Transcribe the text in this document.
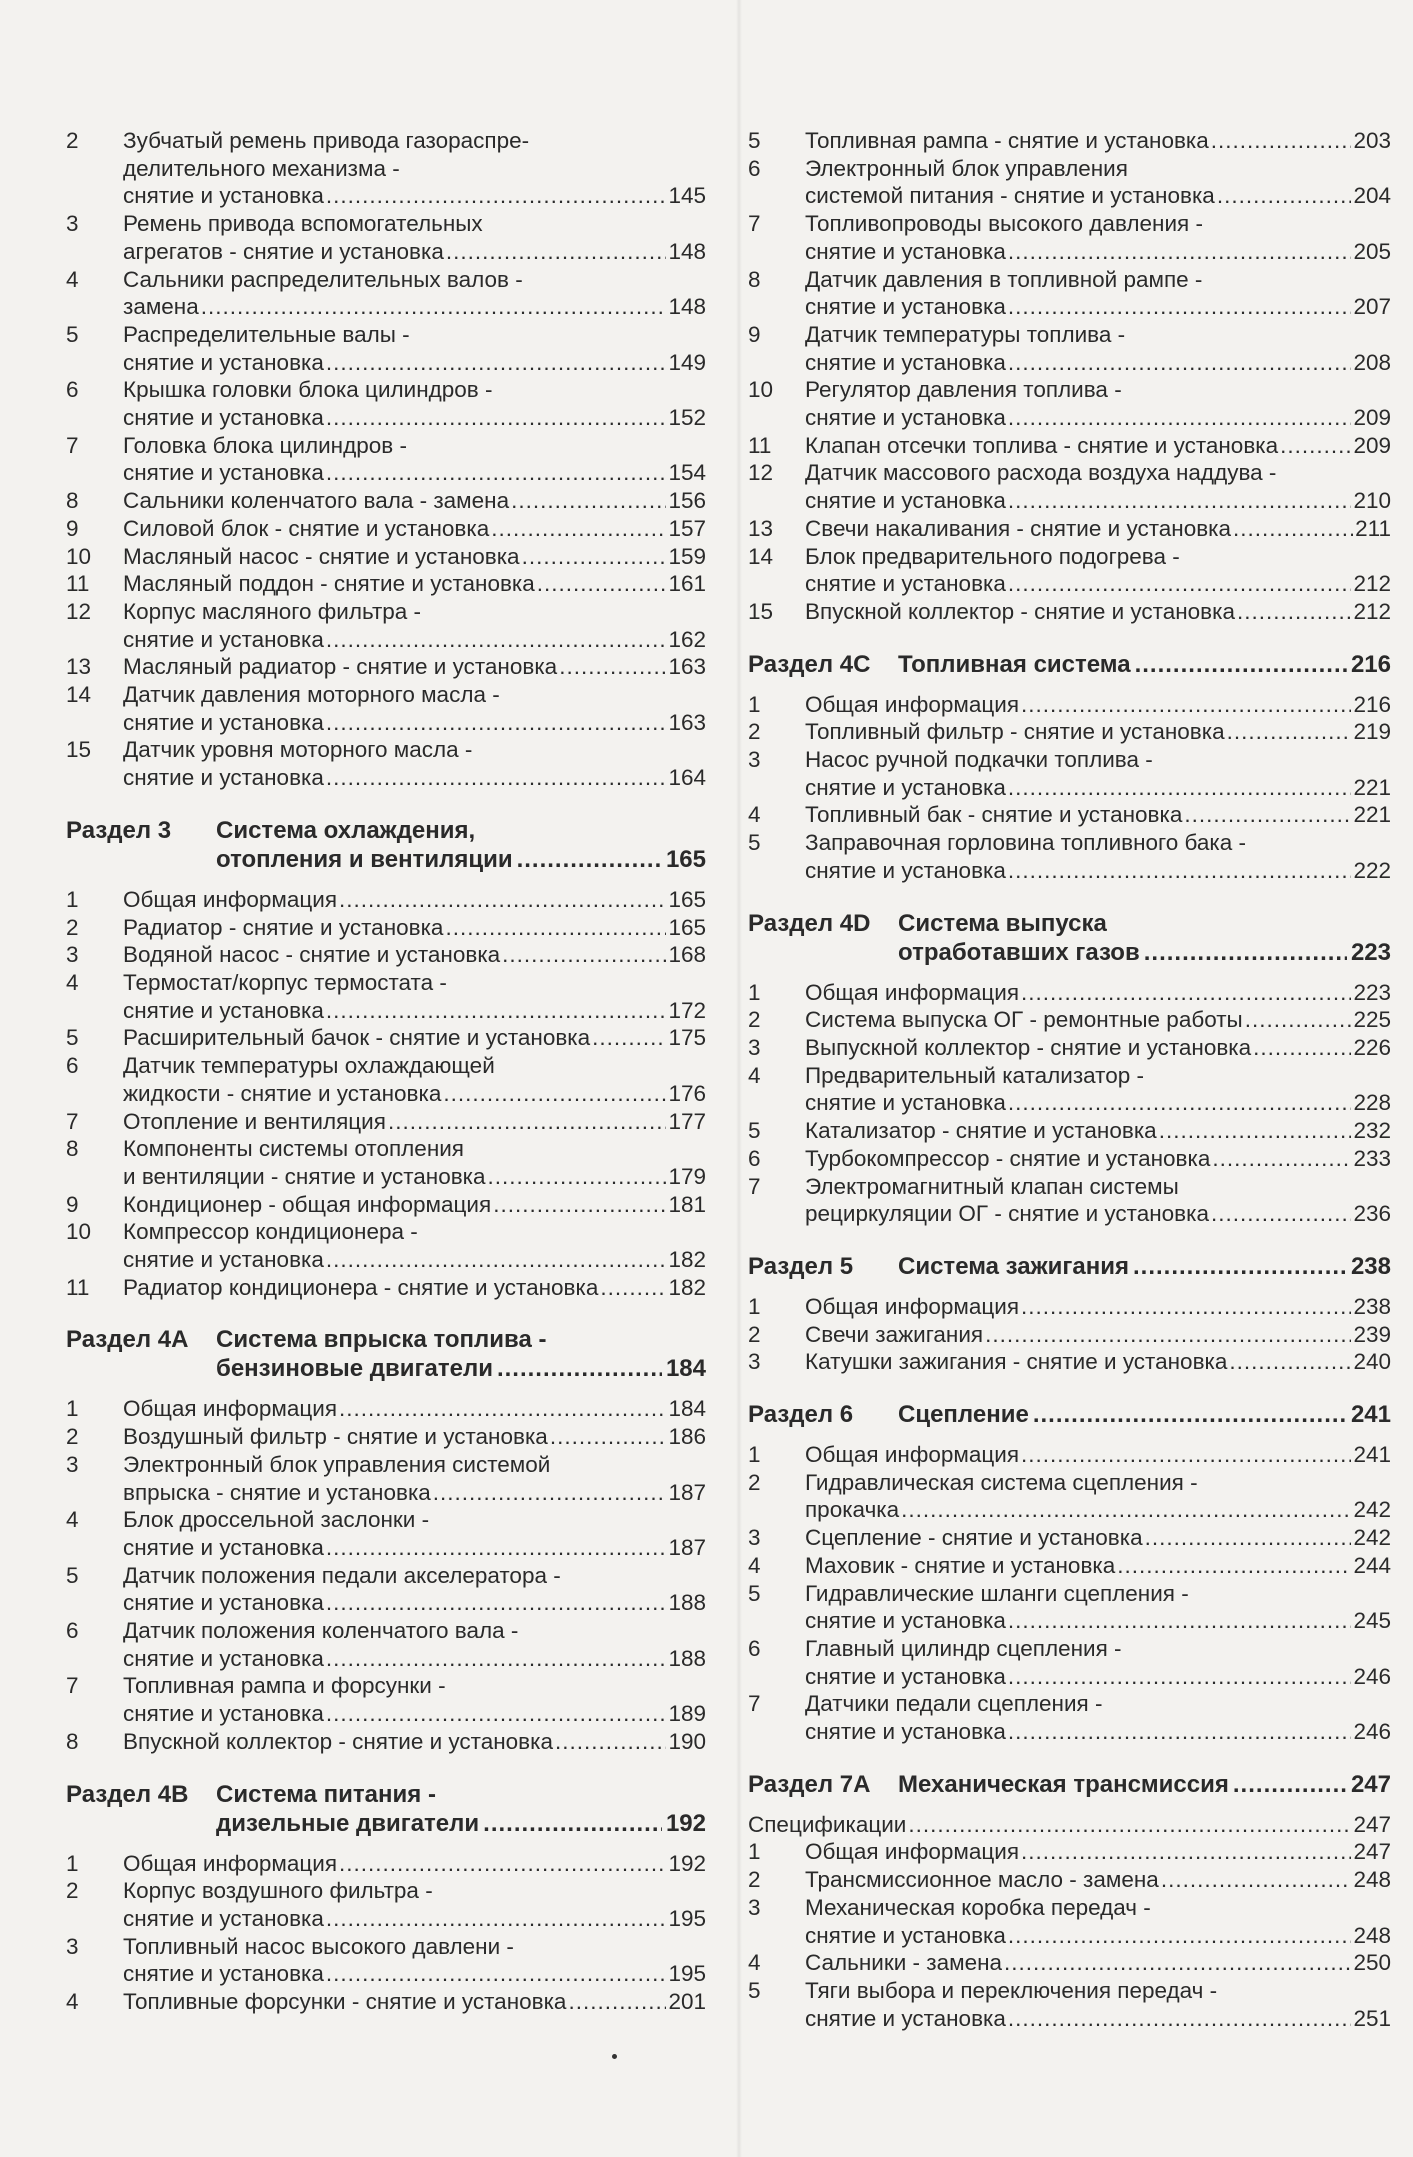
2	Зубчатый ремень привода газораспре-
делительного механизма -
снятие и установка .....	145
3	Ремень привода вспомогательных
агрегатов - снятие и установка .....	148
4	Сальники распределительных валов -
замена .....	148
5	Распределительные валы -
снятие и установка .....	149
6	Крышка головки блока цилиндров -
снятие и установка .....	152
7	Головка блока цилиндров -
снятие и установка .....	154
8	Сальники коленчатого вала - замена .....	156
9	Силовой блок - снятие и установка .....	157
10	Масляный насос - снятие и установка .....	159
11	Масляный поддон - снятие и установка .....	161
12	Корпус масляного фильтра -
снятие и установка .....	162
13	Масляный радиатор - снятие и установка .....	163
14	Датчик давления моторного масла -
снятие и установка .....	163
15	Датчик уровня моторного масла -
снятие и установка .....	164
Раздел 3	Система охлаждения,
отопления и вентиляции .....	165
1	Общая информация .....	165
2	Радиатор - снятие и установка .....	165
3	Водяной насос - снятие и установка .....	168
4	Термостат/корпус термостата -
снятие и установка .....	172
5	Расширительный бачок - снятие и установка .....	175
6	Датчик температуры охлаждающей
жидкости - снятие и установка .....	176
7	Отопление и вентиляция .....	177
8	Компоненты системы отопления
и вентиляции - снятие и установка .....	179
9	Кондиционер - общая информация .....	181
10	Компрессор кондиционера -
снятие и установка .....	182
11	Радиатор кондиционера - снятие и установка .....	182
Раздел 4A	Система впрыска топлива -
бензиновые двигатели .....	184
1	Общая информация .....	184
2	Воздушный фильтр - снятие и установка .....	186
3	Электронный блок управления системой
впрыска - снятие и установка .....	187
4	Блок дроссельной заслонки -
снятие и установка .....	187
5	Датчик положения педали акселератора -
снятие и установка .....	188
6	Датчик положения коленчатого вала -
снятие и установка .....	188
7	Топливная рампа и форсунки -
снятие и установка .....	189
8	Впускной коллектор - снятие и установка .....	190
Раздел 4B	Система питания -
дизельные двигатели .....	192
1	Общая информация .....	192
2	Корпус воздушного фильтра -
снятие и установка .....	195
3	Топливный насос высокого давлени -
снятие и установка .....	195
4	Топливные форсунки - снятие и установка .....	201
5	Топливная рампа - снятие и установка .....	203
6	Электронный блок управления
системой питания - снятие и установка .....	204
7	Топливопроводы высокого давления -
снятие и установка .....	205
8	Датчик давления в топливной рампе -
снятие и установка .....	207
9	Датчик температуры топлива -
снятие и установка .....	208
10	Регулятор давления топлива -
снятие и установка .....	209
11	Клапан отсечки топлива - снятие и установка .....	209
12	Датчик массового расхода воздуха наддува -
снятие и установка .....	210
13	Свечи накаливания - снятие и установка .....	211
14	Блок предварительного подогрева -
снятие и установка .....	212
15	Впускной коллектор - снятие и установка .....	212
Раздел 4C	Топливная система .....	216
1	Общая информация .....	216
2	Топливный фильтр - снятие и установка .....	219
3	Насос ручной подкачки топлива -
снятие и установка .....	221
4	Топливный бак - снятие и установка .....	221
5	Заправочная горловина топливного бака -
снятие и установка .....	222
Раздел 4D	Система выпуска
отработавших газов .....	223
1	Общая информация .....	223
2	Система выпуска ОГ - ремонтные работы .....	225
3	Выпускной коллектор - снятие и установка .....	226
4	Предварительный катализатор -
снятие и установка .....	228
5	Катализатор - снятие и установка .....	232
6	Турбокомпрессор - снятие и установка .....	233
7	Электромагнитный клапан системы
рециркуляции ОГ - снятие и установка .....	236
Раздел 5	Система зажигания .....	238
1	Общая информация .....	238
2	Свечи зажигания .....	239
3	Катушки зажигания - снятие и установка .....	240
Раздел 6	Сцепление .....	241
1	Общая информация .....	241
2	Гидравлическая система сцепления -
прокачка .....	242
3	Сцепление - снятие и установка .....	242
4	Маховик - снятие и установка .....	244
5	Гидравлические шланги сцепления -
снятие и установка .....	245
6	Главный цилиндр сцепления -
снятие и установка .....	246
7	Датчики педали сцепления -
снятие и установка .....	246
Раздел 7A	Механическая трансмиссия .....	247
Спецификации .....	247
1	Общая информация .....	247
2	Трансмиссионное масло - замена .....	248
3	Механическая коробка передач -
снятие и установка .....	248
4	Сальники - замена .....	250
5	Тяги выбора и переключения передач -
снятие и установка .....	251
